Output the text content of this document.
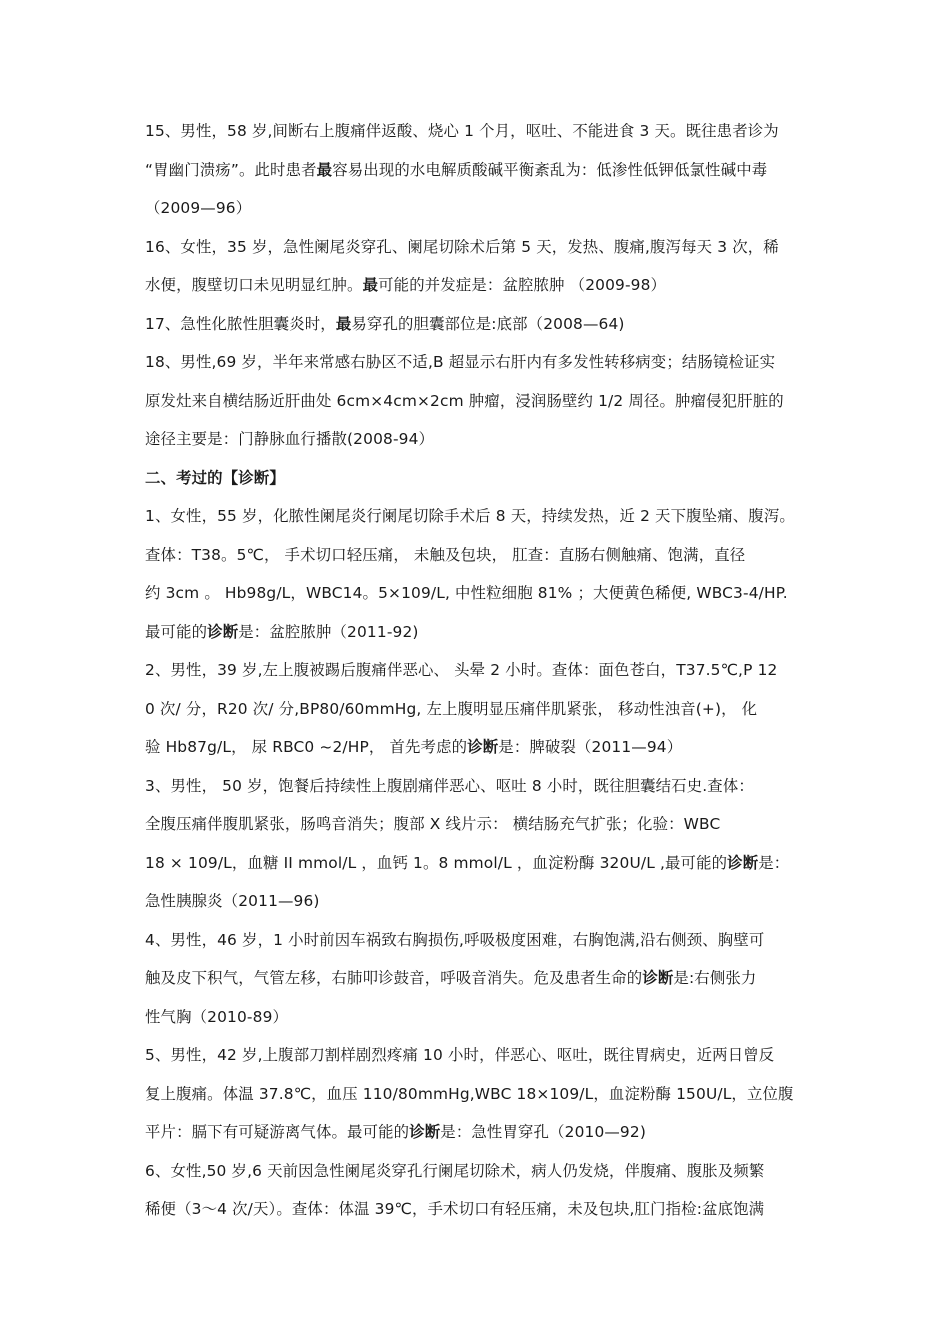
15、男性，58 岁,间断右上腹痛伴返酸、烧心 1 个月，呕吐、不能进食 3 天。既往患者诊为
“胃幽门溃疡”。此时患者最容易出现的水电解质酸碱平衡紊乱为：低渗性低钾低氯性碱中毒
（2009—96）
16、女性，35 岁，急性阑尾炎穿孔、阑尾切除术后第 5 天，发热、腹痛,腹泻每天 3 次，稀
水便，腹壁切口未见明显红肿。最可能的并发症是：盆腔脓肿 （2009-98）
17、急性化脓性胆囊炎时，最易穿孔的胆囊部位是:底部（2008—64)
18、男性,69 岁，半年来常感右胁区不适,B 超显示右肝内有多发性转移病变；结肠镜检证实
原发灶来自横结肠近肝曲处 6cm×4cm×2cm 肿瘤，浸润肠壁约 1/2 周径。肿瘤侵犯肝脏的
途径主要是：门静脉血行播散(2008-94）
二、考过的【诊断】
1、女性，55 岁，化脓性阑尾炎行阑尾切除手术后 8 天，持续发热，近 2 天下腹坠痛、腹泻。
查体：T38。5℃， 手术切口轻压痛， 未触及包块， 肛查：直肠右侧触痛、饱满，直径
约 3cm 。 Hb98g/L，WBC14。5×109/L, 中性粒细胞 81% ；大便黄色稀便, WBC3-4/HP.
最可能的诊断是：盆腔脓肿（2011-92)
2、男性，39 岁,左上腹被踢后腹痛伴恶心、 头晕 2 小时。查体：面色苍白，T37.5℃,P 12
0 次/ 分，R20 次/ 分,BP80/60mmHg, 左上腹明显压痛伴肌紧张， 移动性浊音(+)， 化
验 Hb87g/L， 尿 RBC0 ~2/HP， 首先考虑的诊断是：脾破裂（2011—94）
3、男性， 50 岁，饱餐后持续性上腹剧痛伴恶心、呕吐 8 小时，既往胆囊结石史.查体：
全腹压痛伴腹肌紧张，肠鸣音消失；腹部 X 线片示： 横结肠充气扩张；化验：WBC
18 × 109/L，血糖 II mmol/L ，血钙 1。8 mmol/L ，血淀粉酶 320U/L ,最可能的诊断是：
急性胰腺炎（2011—96)
4、男性，46 岁，1 小时前因车祸致右胸损伤,呼吸极度困难，右胸饱满,沿右侧颈、胸壁可
触及皮下积气，气管左移，右肺叩诊鼓音，呼吸音消失。危及患者生命的诊断是:右侧张力
性气胸（2010-89）
5、男性，42 岁,上腹部刀割样剧烈疼痛 10 小时，伴恶心、呕吐，既往胃病史，近两日曾反
复上腹痛。体温 37.8℃，血压 110/80mmHg,WBC 18×109/L，血淀粉酶 150U/L，立位腹
平片：膈下有可疑游离气体。最可能的诊断是：急性胃穿孔（2010—92)
6、女性,50 岁,6 天前因急性阑尾炎穿孔行阑尾切除术，病人仍发烧，伴腹痛、腹胀及频繁
稀便（3～4 次/天）。查体：体温 39℃，手术切口有轻压痛，未及包块,肛门指检:盆底饱满
